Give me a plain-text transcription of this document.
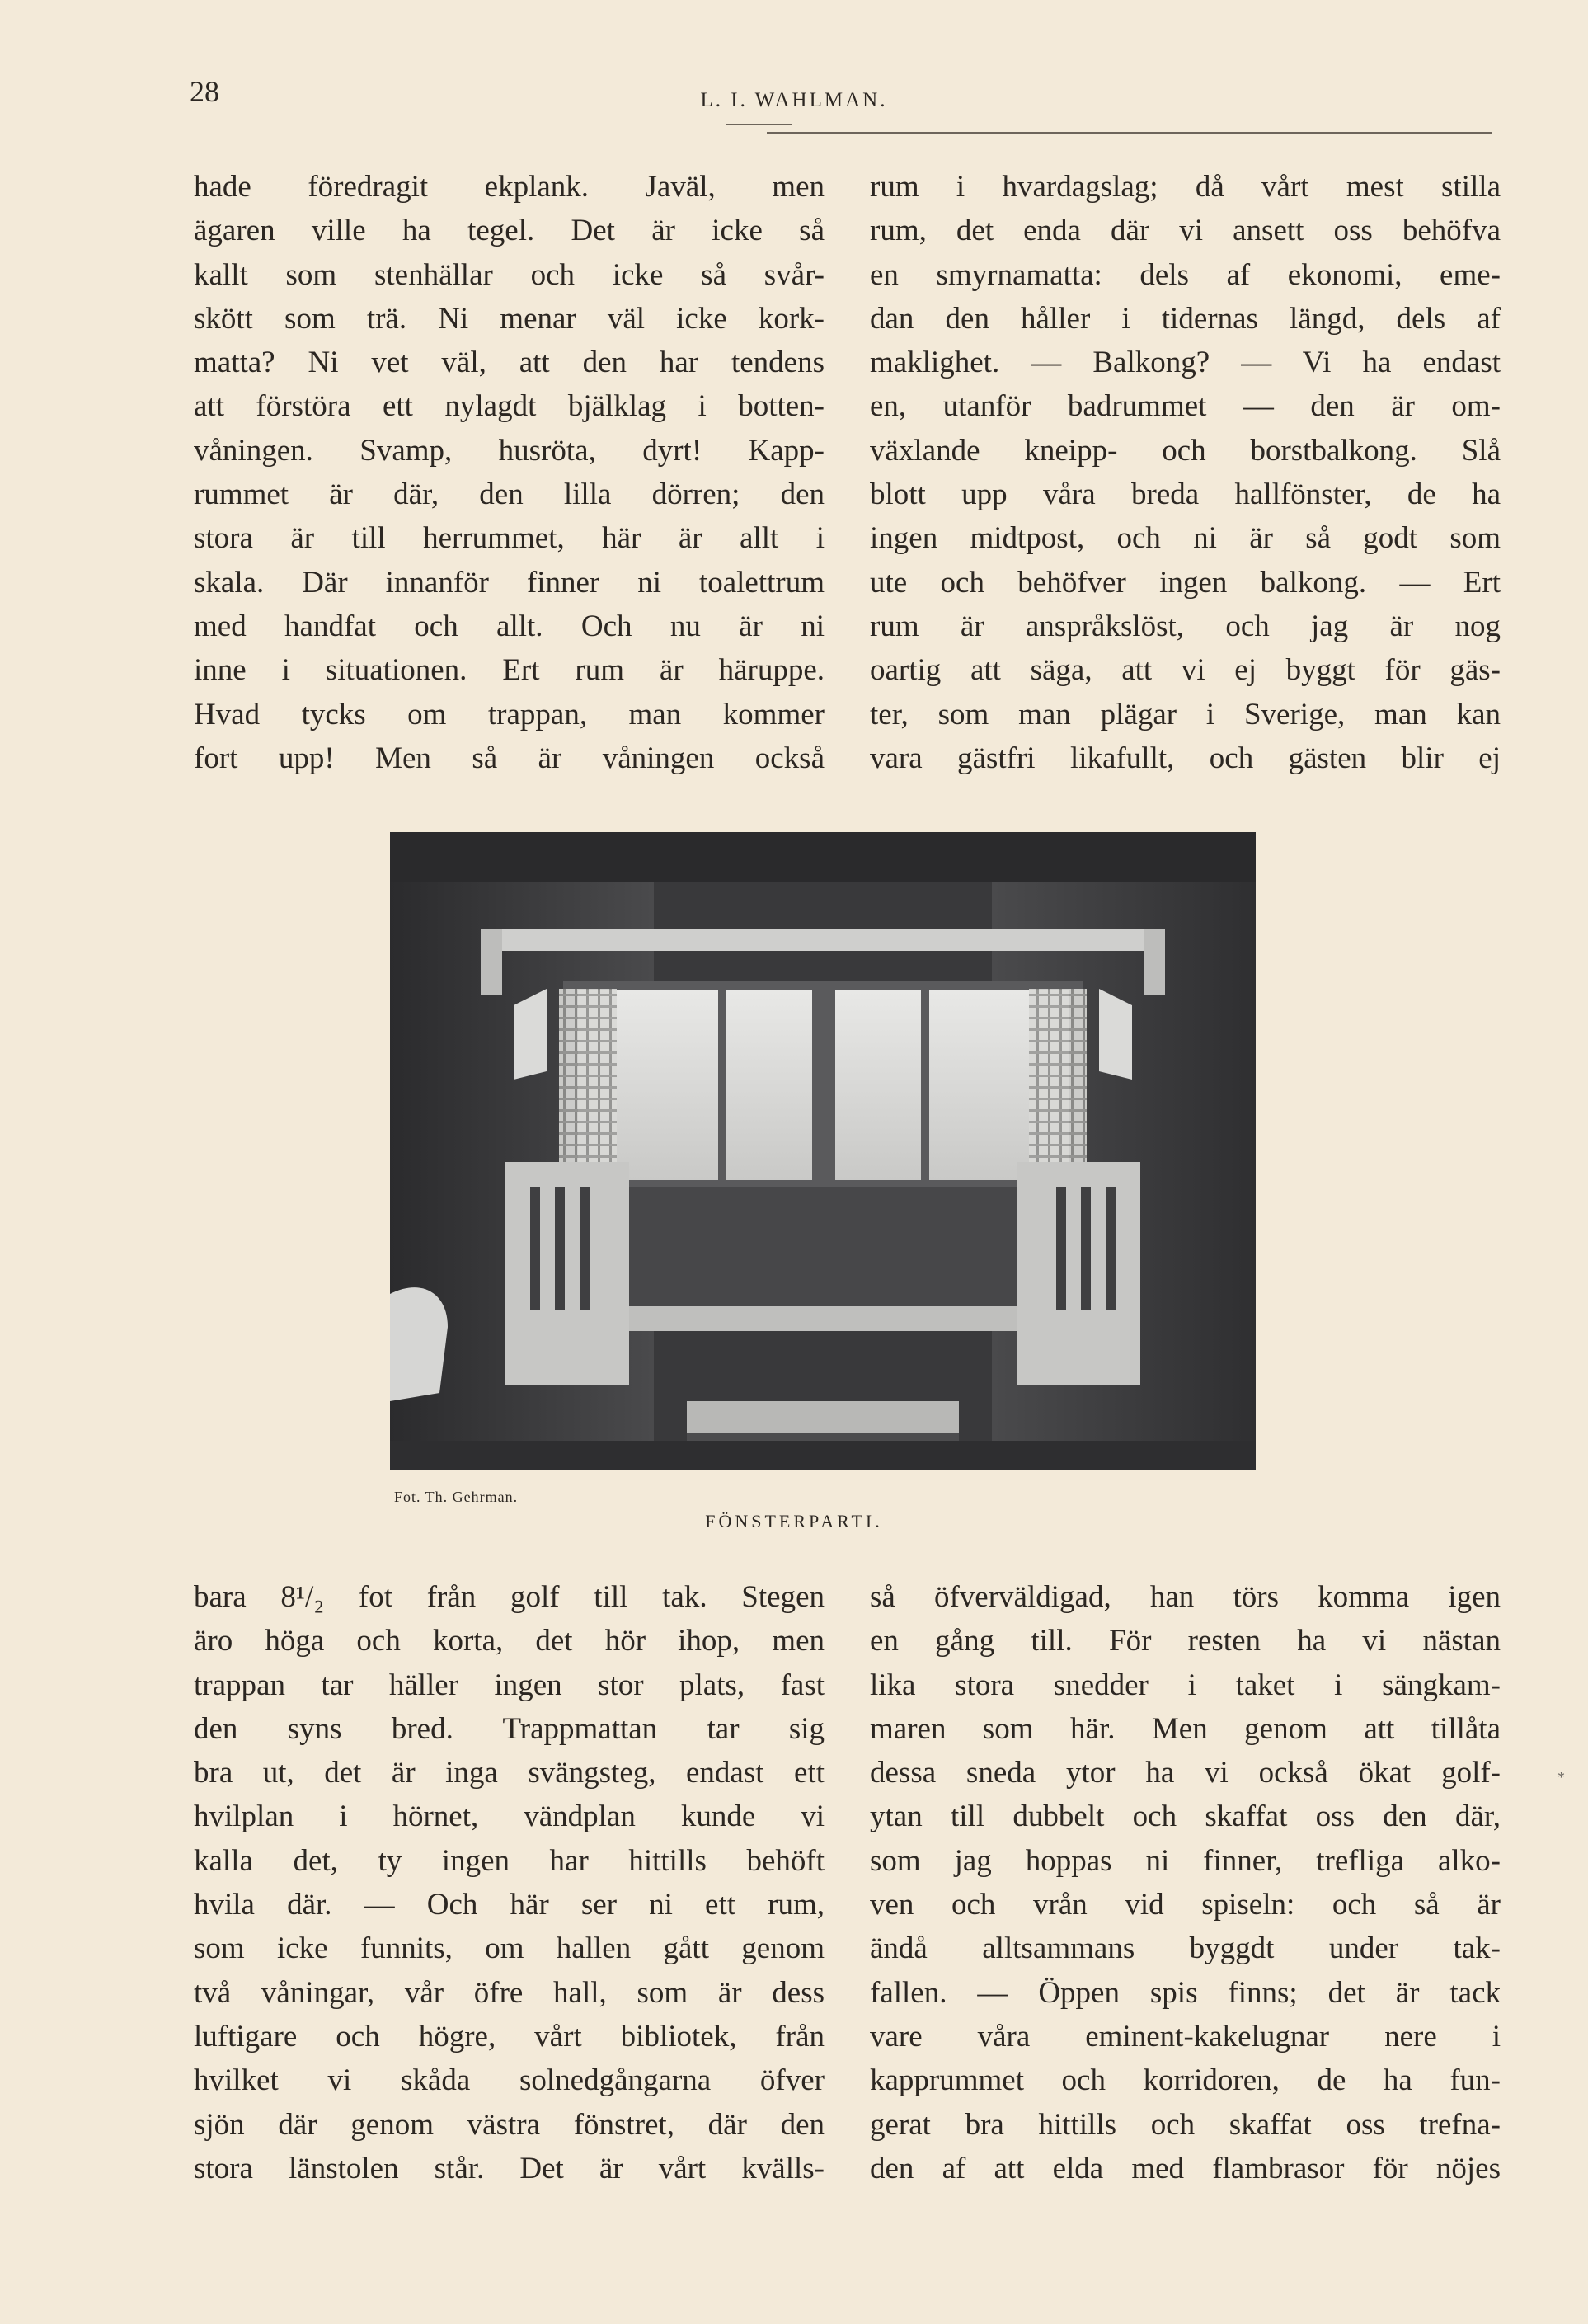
28	L. I. WAHLMAN.
hade föredragit ekplank. Javäl, men
ägaren ville ha tegel. Det är icke så
kallt som stenhällar och icke så svår-
skött som trä. Ni menar väl icke kork-
matta? Ni vet väl, att den har tendens
att förstöra ett nylagdt bjälklag i botten-
våningen. Svamp, husröta, dyrt! Kapp-
rummet är där, den lilla dörren; den
stora är till herrummet, här är allt i
skala. Där innanför finner ni toalettrum
med handfat och allt. Och nu är ni
inne i situationen. Ert rum är häruppe.
Hvad tycks om trappan, man kommer
fort upp! Men så är våningen också
rum i hvardagslag; då vårt mest stilla
rum, det enda där vi ansett oss behöfva
en smyrnamatta: dels af ekonomi, eme-
dan den håller i tidernas längd, dels af
maklighet. — Balkong? — Vi ha endast
en, utanför badrummet — den är om-
växlande kneipp- och borstbalkong. Slå
blott upp våra breda hallfönster, de ha
ingen midtpost, och ni är så godt som
ute och behöfver ingen balkong. — Ert
rum är anspråkslöst, och jag är nog
oartig att säga, att vi ej byggt för gäs-
ter, som man plägar i Sverige, man kan
vara gästfri likafullt, och gästen blir ej
Fot. Th. Gehrman.
FÖNSTERPARTI.
bara 8¹/₂ fot från golf till tak. Stegen
äro höga och korta, det hör ihop, men
trappan tar häller ingen stor plats, fast
den syns bred. Trappmattan tar sig
bra ut, det är inga svängsteg, endast ett
hvilplan i hörnet, vändplan kunde vi
kalla det, ty ingen har hittills behöft
hvila där. — Och här ser ni ett rum,
som icke funnits, om hallen gått genom
två våningar, vår öfre hall, som är dess
luftigare och högre, vårt bibliotek, från
hvilket vi skåda solnedgångarna öfver
sjön där genom västra fönstret, där den
stora länstolen står. Det är vårt kvälls-
så öfverväldigad, han törs komma igen
en gång till. För resten ha vi nästan
lika stora snedder i taket i sängkam-
maren som här. Men genom att tillåta
dessa sneda ytor ha vi också ökat golf-
ytan till dubbelt och skaffat oss den där,
som jag hoppas ni finner, trefliga alko-
ven och vrån vid spiseln: och så är
ändå alltsammans byggdt under tak-
fallen. — Öppen spis finns; det är tack
vare våra eminent-kakelugnar nere i
kapprummet och korridoren, de ha fun-
gerat bra hittills och skaffat oss trefna-
den af att elda med flambrasor för nöjes
*
